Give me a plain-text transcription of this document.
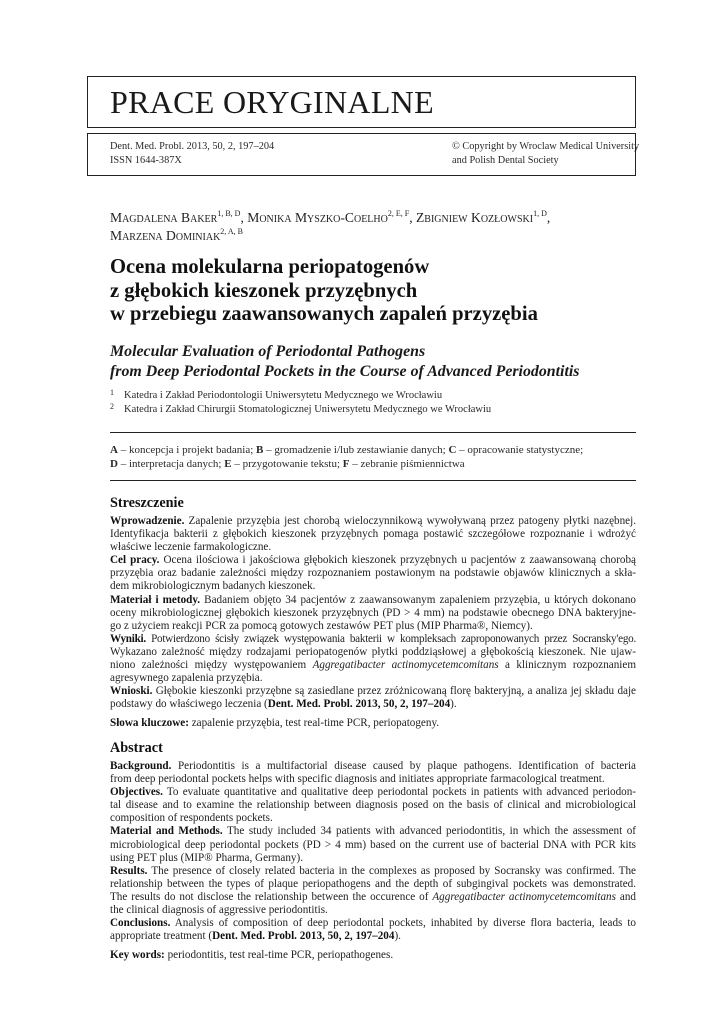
PRACE ORYGINALNE
Dent. Med. Probl. 2013, 50, 2, 197–204
ISSN 1644-387X
© Copyright by Wroclaw Medical University
and Polish Dental Society
Magdalena Baker$^{1, B, D}$, Monika Myszko-Coelho$^{2, E, F}$, Zbigniew Kozłowski$^{1, D}$,
Marzena Dominiak$^{2, A, B}$
Ocena molekularna periopatogenów
z głębokich kieszonek przyzębnych
w przebiegu zaawansowanych zapaleń przyzębia
Molecular Evaluation of Periodontal Pathogens
from Deep Periodontal Pockets in the Course of Advanced Periodontitis
1 Katedra i Zakład Periodontologii Uniwersytetu Medycznego we Wrocławiu
2 Katedra i Zakład Chirurgii Stomatologicznej Uniwersytetu Medycznego we Wrocławiu
A – koncepcja i projekt badania; B – gromadzenie i/lub zestawianie danych; C – opracowanie statystyczne;
D – interpretacja danych; E – przygotowanie tekstu; F – zebranie piśmiennictwa
Streszczenie
Wprowadzenie. Zapalenie przyzębia jest chorobą wieloczynnikową wywoływaną przez patogeny płytki nazębnej.
Identyfikacja bakterii z głębokich kieszonek przyzębnych pomaga postawić szczegółowe rozpoznanie i wdrożyć
właściwe leczenie farmakologiczne.
Cel pracy. Ocena ilościowa i jakościowa głębokich kieszonek przyzębnych u pacjentów z zaawansowaną chorobą
przyzębia oraz badanie zależności między rozpoznaniem postawionym na podstawie objawów klinicznych a skła-
dem mikrobiologicznym badanych kieszonek.
Materiał i metody. Badaniem objęto 34 pacjentów z zaawansowanym zapaleniem przyzębia, u których dokonano
oceny mikrobiologicznej głębokich kieszonek przyzębnych (PD > 4 mm) na podstawie obecnego DNA bakteryjne-
go z użyciem reakcji PCR za pomocą gotowych zestawów PET plus (MIP Pharma®, Niemcy).
Wyniki. Potwierdzono ścisły związek występowania bakterii w kompleksach zaproponowanych przez Socransky'ego.
Wykazano zależność między rodzajami periopatogenów płytki poddziąsłowej a głębokością kieszonek. Nie ujaw-
niono zależności między występowaniem Aggregatibacter actinomycetemcomitans a klinicznym rozpoznaniem
agresywnego zapalenia przyzębia.
Wnioski. Głębokie kieszonki przyzębne są zasiedlane przez zróżnicowaną florę bakteryjną, a analiza jej składu daje
podstawy do właściwego leczenia (Dent. Med. Probl. 2013, 50, 2, 197–204).
Słowa kluczowe: zapalenie przyzębia, test real-time PCR, periopatogeny.
Abstract
Background. Periodontitis is a multifactorial disease caused by plaque pathogens. Identification of bacteria
from deep periodontal pockets helps with specific diagnosis and initiates appropriate farmacological treatment.
Objectives. To evaluate quantitative and qualitative deep periodontal pockets in patients with advanced periodon-
tal disease and to examine the relationship between diagnosis posed on the basis of clinical and microbiological
composition of respondents pockets.
Material and Methods. The study included 34 patients with advanced periodontitis, in which the assessment of
microbiological deep periodontal pockets (PD > 4 mm) based on the current use of bacterial DNA with PCR kits
using PET plus (MIP® Pharma, Germany).
Results. The presence of closely related bacteria in the complexes as proposed by Socransky was confirmed. The
relationship between the types of plaque periopathogens and the depth of subgingival pockets was demonstrated.
The results do not disclose the relationship between the occurence of Aggregatibacter actinomycetemcomitans and
the clinical diagnosis of aggressive periodontitis.
Conclusions. Analysis of composition of deep periodontal pockets, inhabited by diverse flora bacteria, leads to
appropriate treatment (Dent. Med. Probl. 2013, 50, 2, 197–204).
Key words: periodontitis, test real-time PCR, periopathogenes.
